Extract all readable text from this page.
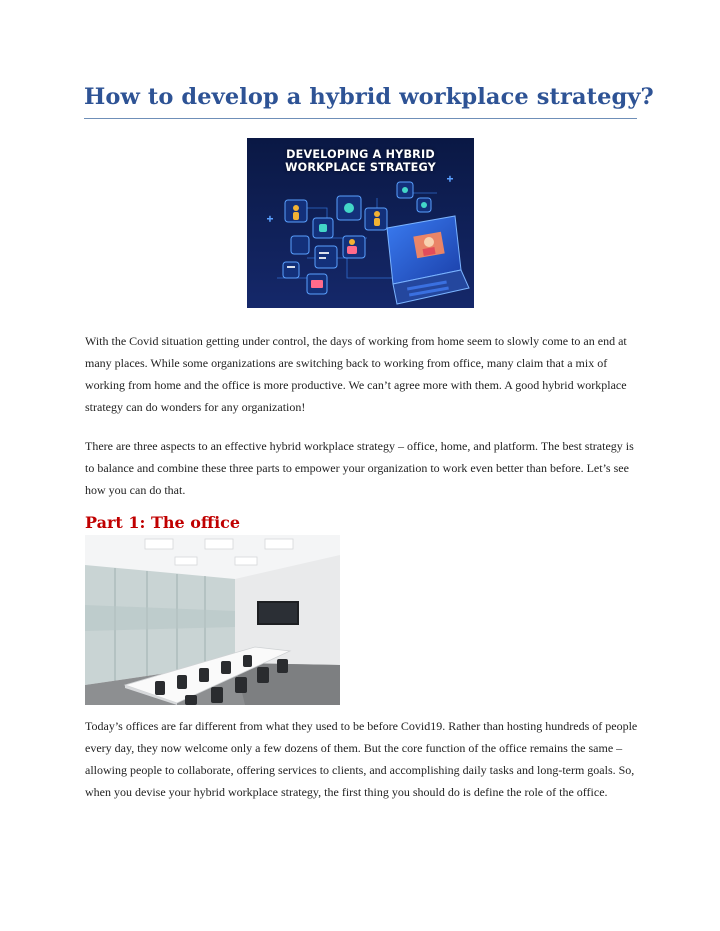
How to develop a hybrid workplace strategy?
DEVELOPING A HYBRID
WORKPLACE STRATEGY

With the Covid situation getting under control, the days of working from home seem to slowly come to an end at many places. While some organizations are switching back to working from office, many claim that a mix of working from home and the office is more productive. We can’t agree more with them. A good hybrid workplace strategy can do wonders for any organization!

There are three aspects to an effective hybrid workplace strategy – office, home, and platform. The best strategy is to balance and combine these three parts to empower your organization to work even better than before. Let’s see how you can do that.

Part 1: The office

Today’s offices are far different from what they used to be before Covid19. Rather than hosting hundreds of people every day, they now welcome only a few dozens of them. But the core function of the office remains the same – allowing people to collaborate, offering services to clients, and accomplishing daily tasks and long-term goals. So, when you devise your hybrid workplace strategy, the first thing you should do is define the role of the office.
